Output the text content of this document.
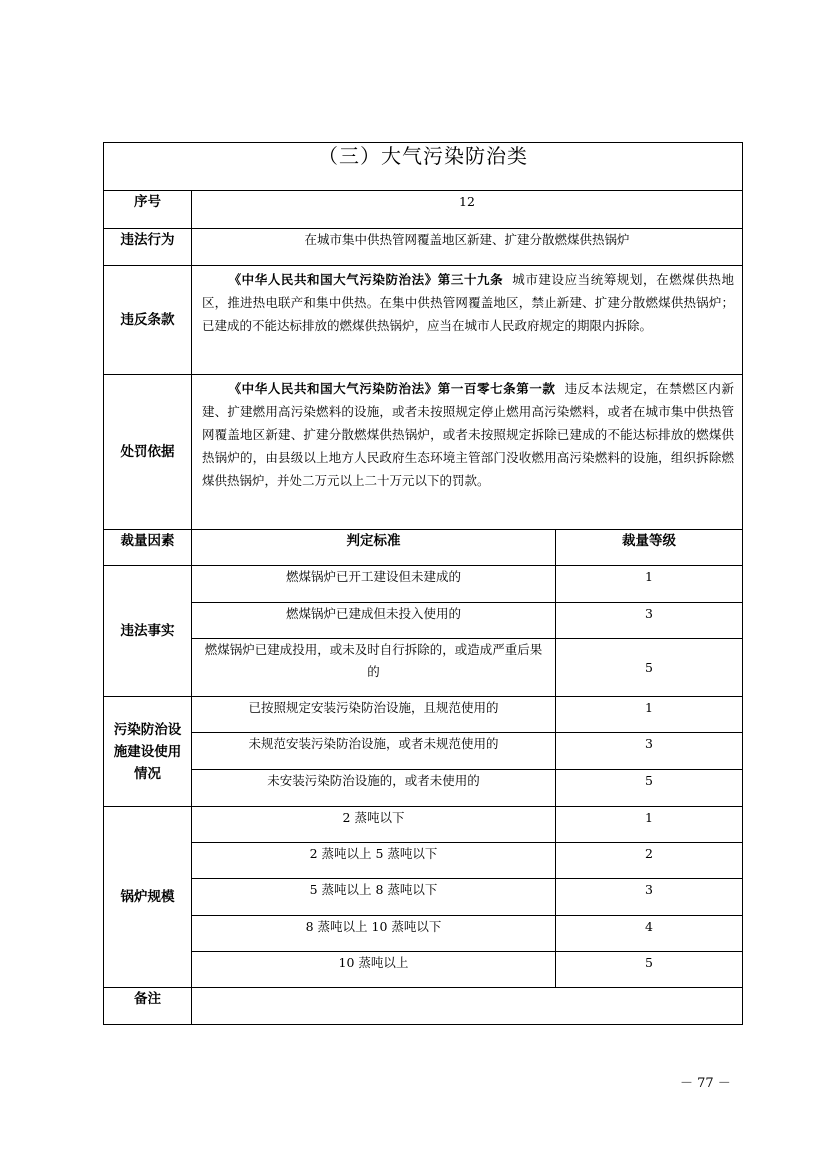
（三）大气污染防治类		
序号	12	
违法行为	在城市集中供热管网覆盖地区新建、扩建分散燃煤供热锅炉	
违反条款	《中华人民共和国大气污染防治法》第三十九条 城市建设应当统筹规划，在燃煤供热地区，推进热电联产和集中供热。在集中供热管网覆盖地区，禁止新建、扩建分散燃煤供热锅炉；已建成的不能达标排放的燃煤供热锅炉，应当在城市人民政府规定的期限内拆除。	
处罚依据	《中华人民共和国大气污染防治法》第一百零七条第一款 违反本法规定，在禁燃区内新建、扩建燃用高污染燃料的设施，或者未按照规定停止燃用高污染燃料，或者在城市集中供热管网覆盖地区新建、扩建分散燃煤供热锅炉，或者未按照规定拆除已建成的不能达标排放的燃煤供热锅炉的，由县级以上地方人民政府生态环境主管部门没收燃用高污染燃料的设施，组织拆除燃煤供热锅炉，并处二万元以上二十万元以下的罚款。	
裁量因素	判定标准	裁量等级
违法事实	燃煤锅炉已开工建设但未建成的	1
	燃煤锅炉已建成但未投入使用的	3
	燃煤锅炉已建成投用，或未及时自行拆除的，或造成严重后果的	5
污染防治设施建设使用情况	已按照规定安装污染防治设施，且规范使用的	1
	未规范安装污染防治设施，或者未规范使用的	3
	未安装污染防治设施的，或者未使用的	5
锅炉规模	2 蒸吨以下	1
	2 蒸吨以上 5 蒸吨以下	2
	5 蒸吨以上 8 蒸吨以下	3
	8 蒸吨以上 10 蒸吨以下	4
	10 蒸吨以上	5
备注		
－ 77 －
